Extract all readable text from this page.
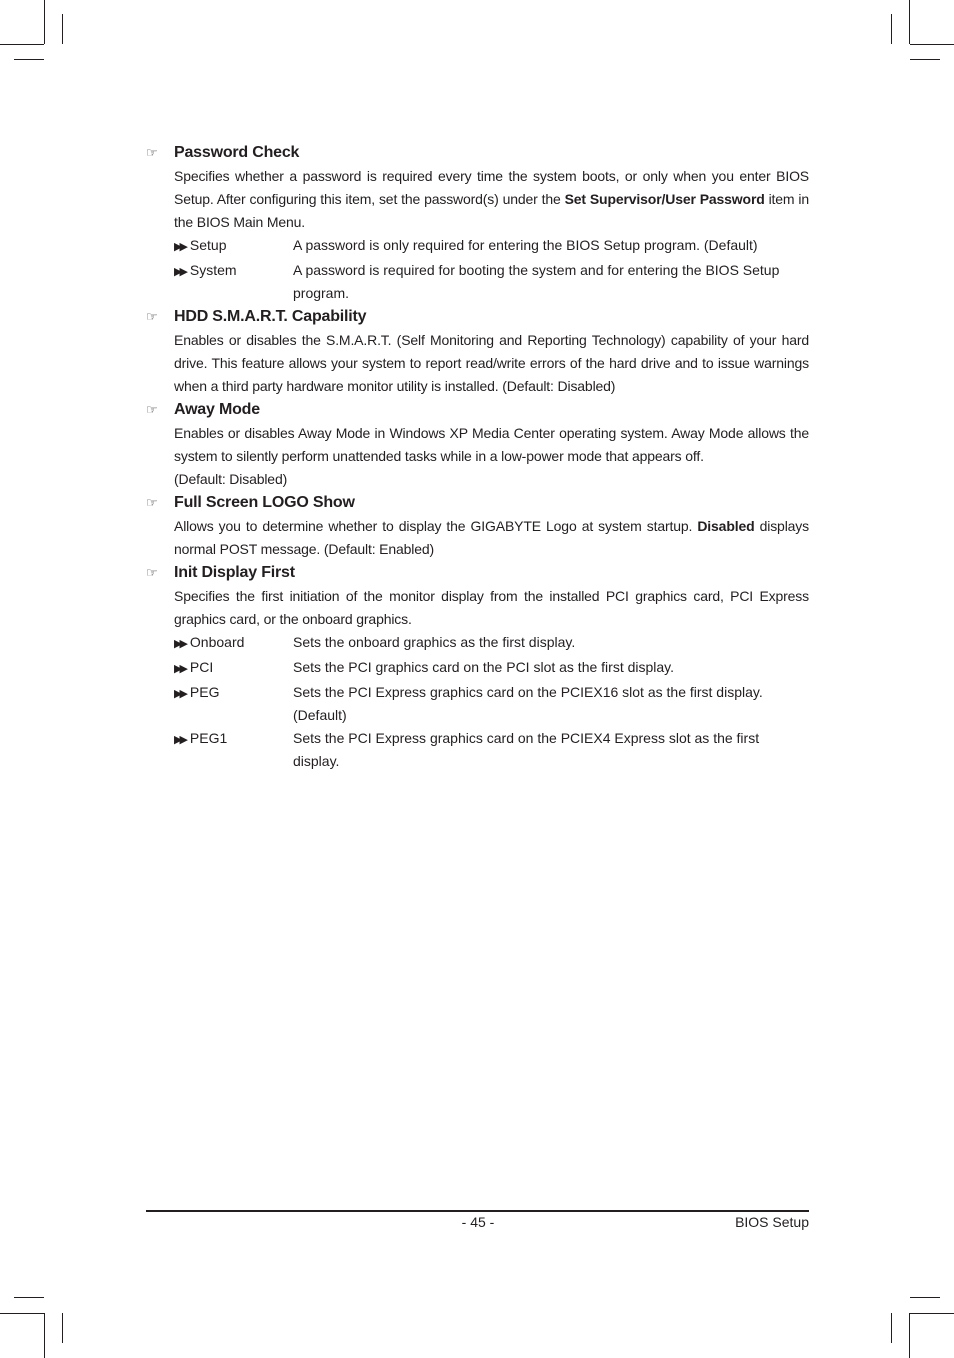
☞	Password Check
Specifies whether a password is required every time the system boots, or only when you enter BIOS Setup. After configuring this item, set the password(s) under the Set Supervisor/User Password item in the BIOS Main Menu.
▶▶ Setup	A password is only required for entering the BIOS Setup program. (Default)
▶▶ System	A password is required for booting the system and for entering the BIOS Setup program.
☞	HDD S.M.A.R.T. Capability
Enables or disables the S.M.A.R.T. (Self Monitoring and Reporting Technology) capability of your hard drive. This feature allows your system to report read/write errors of the hard drive and to issue warnings when a third party hardware monitor utility is installed. (Default: Disabled)
☞	Away Mode
Enables or disables Away Mode in Windows XP Media Center operating system. Away Mode allows the system to silently perform unattended tasks while in a low-power mode that appears off.
(Default: Disabled)
☞	Full Screen LOGO Show
Allows you to determine whether to display the GIGABYTE Logo at system startup. Disabled displays normal POST message. (Default: Enabled)
☞	Init Display First
Specifies the first initiation of the monitor display from the installed PCI graphics card, PCI Express graphics card, or the onboard graphics.
▶▶ Onboard	Sets the onboard graphics as the first display.
▶▶ PCI	Sets the PCI graphics card on the PCI slot as the first display.
▶▶ PEG	Sets the PCI Express graphics card on the PCIEX16 slot as the first display. (Default)
▶▶ PEG1	Sets the PCI Express graphics card on the PCIEX4 Express slot as the first display.
- 45 -	BIOS Setup
